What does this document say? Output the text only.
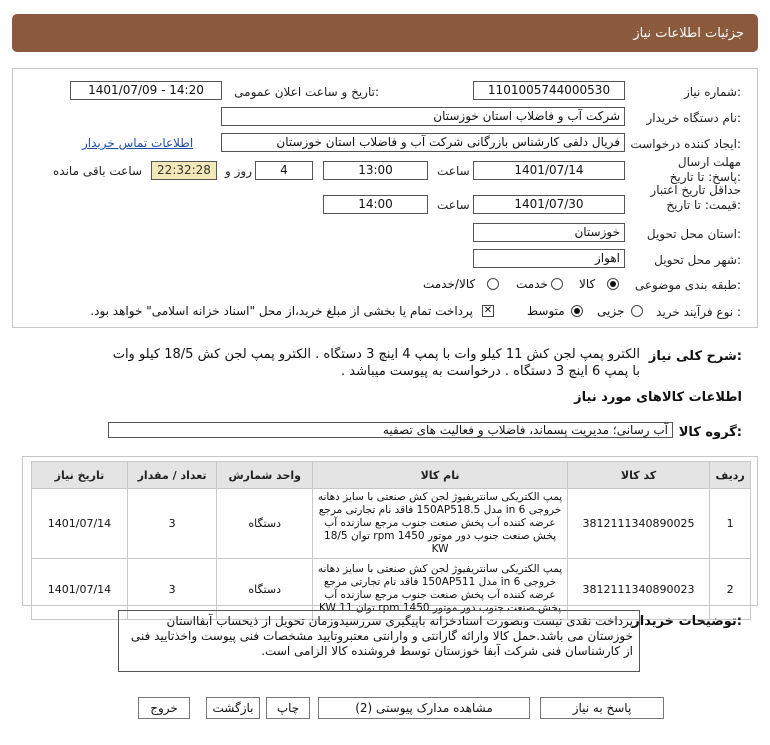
جزئيات اطلاعات نياز
شماره نیاز:
1101005744000530
تاریخ و ساعت اعلان عمومی:
1401/07/09 - 14:20
نام دستگاه خریدار:
شرکت آب و فاضلاب استان خوزستان
ایجاد کننده درخواست:
فریال دلفی کارشناس بازرگانی شرکت آب و فاضلاب استان خوزستان
اطلاعات تماس خریدار
مهلت ارسال پاسخ: تا تاریخ:
1401/07/14
ساعت
13:00
4
روز و
22:32:28
ساعت باقی مانده
حداقل تاریخ اعتبار قیمت: تا تاریخ:
1401/07/30
ساعت
14:00
استان محل تحویل:
خوزستان
شهر محل تحویل:
اهواز
طبقه بندی موضوعی:
کالا
خدمت
کالا/خدمت
نوع فرآیند خرید :
جزیی
متوسط
✕
پرداخت تمام یا بخشی از مبلغ خرید،از محل "اسناد خزانه اسلامی" خواهد بود.
شرح کلی نیاز:
الکترو پمپ لجن کش 11 کیلو وات با پمپ 4 اینچ 3 دستگاه . الکترو پمپ لجن کش 18/5 کیلو وات با پمپ 6 اینچ 3 دستگاه . درخواست به پیوست میباشد .
اطلاعات کالاهای مورد نیاز
گروه کالا:
آب رسانی؛ مدیریت پسماند، فاضلاب و فعالیت های تصفیه
تاریخ نیاز	تعداد / مقدار	واحد شمارش	نام کالا	کد کالا	ردیف
1401/07/14	3	دستگاه	پمپ الکتریکی سانتریفیوژ لجن کش صنعتی با سایز دهانه خروجی 6 in مدل 150AP518.5 فاقد نام تجارتی مرجع عرضه کننده آب پخش صنعت جنوب مرجع سازنده آب پخش صنعت جنوب دور موتور 1450 rpm توان 18/5 KW	3812111340890025	1
1401/07/14	3	دستگاه	پمپ الکتریکی سانتریفیوژ لجن کش صنعتی با سایز دهانه خروجی 6 in مدل 150AP511 فاقد نام تجارتی مرجع عرضه کننده آب پخش صنعت جنوب مرجع سازنده آب پخش صنعت جنوب دور موتور 1450 rpm توان 11 KW	3812111340890023	2
توضیحات خریدار:
پرداخت نقدی نیست وبصورت اسنادخزانه باپیگیری سررسیدوزمان تحویل از ذیحساب آبفااستان خوزستان می باشد.حمل کالا وارائه گارانتی و وارانتی معتبروتایید مشخصات فنی پیوست واخذتایید فنی از کارشناسان فنی شرکت آبفا خوزستان توسط فروشنده کالا الزامی است.
پاسخ به نیاز
مشاهده مدارک پیوستی (2)
چاپ
بازگشت
خروج
